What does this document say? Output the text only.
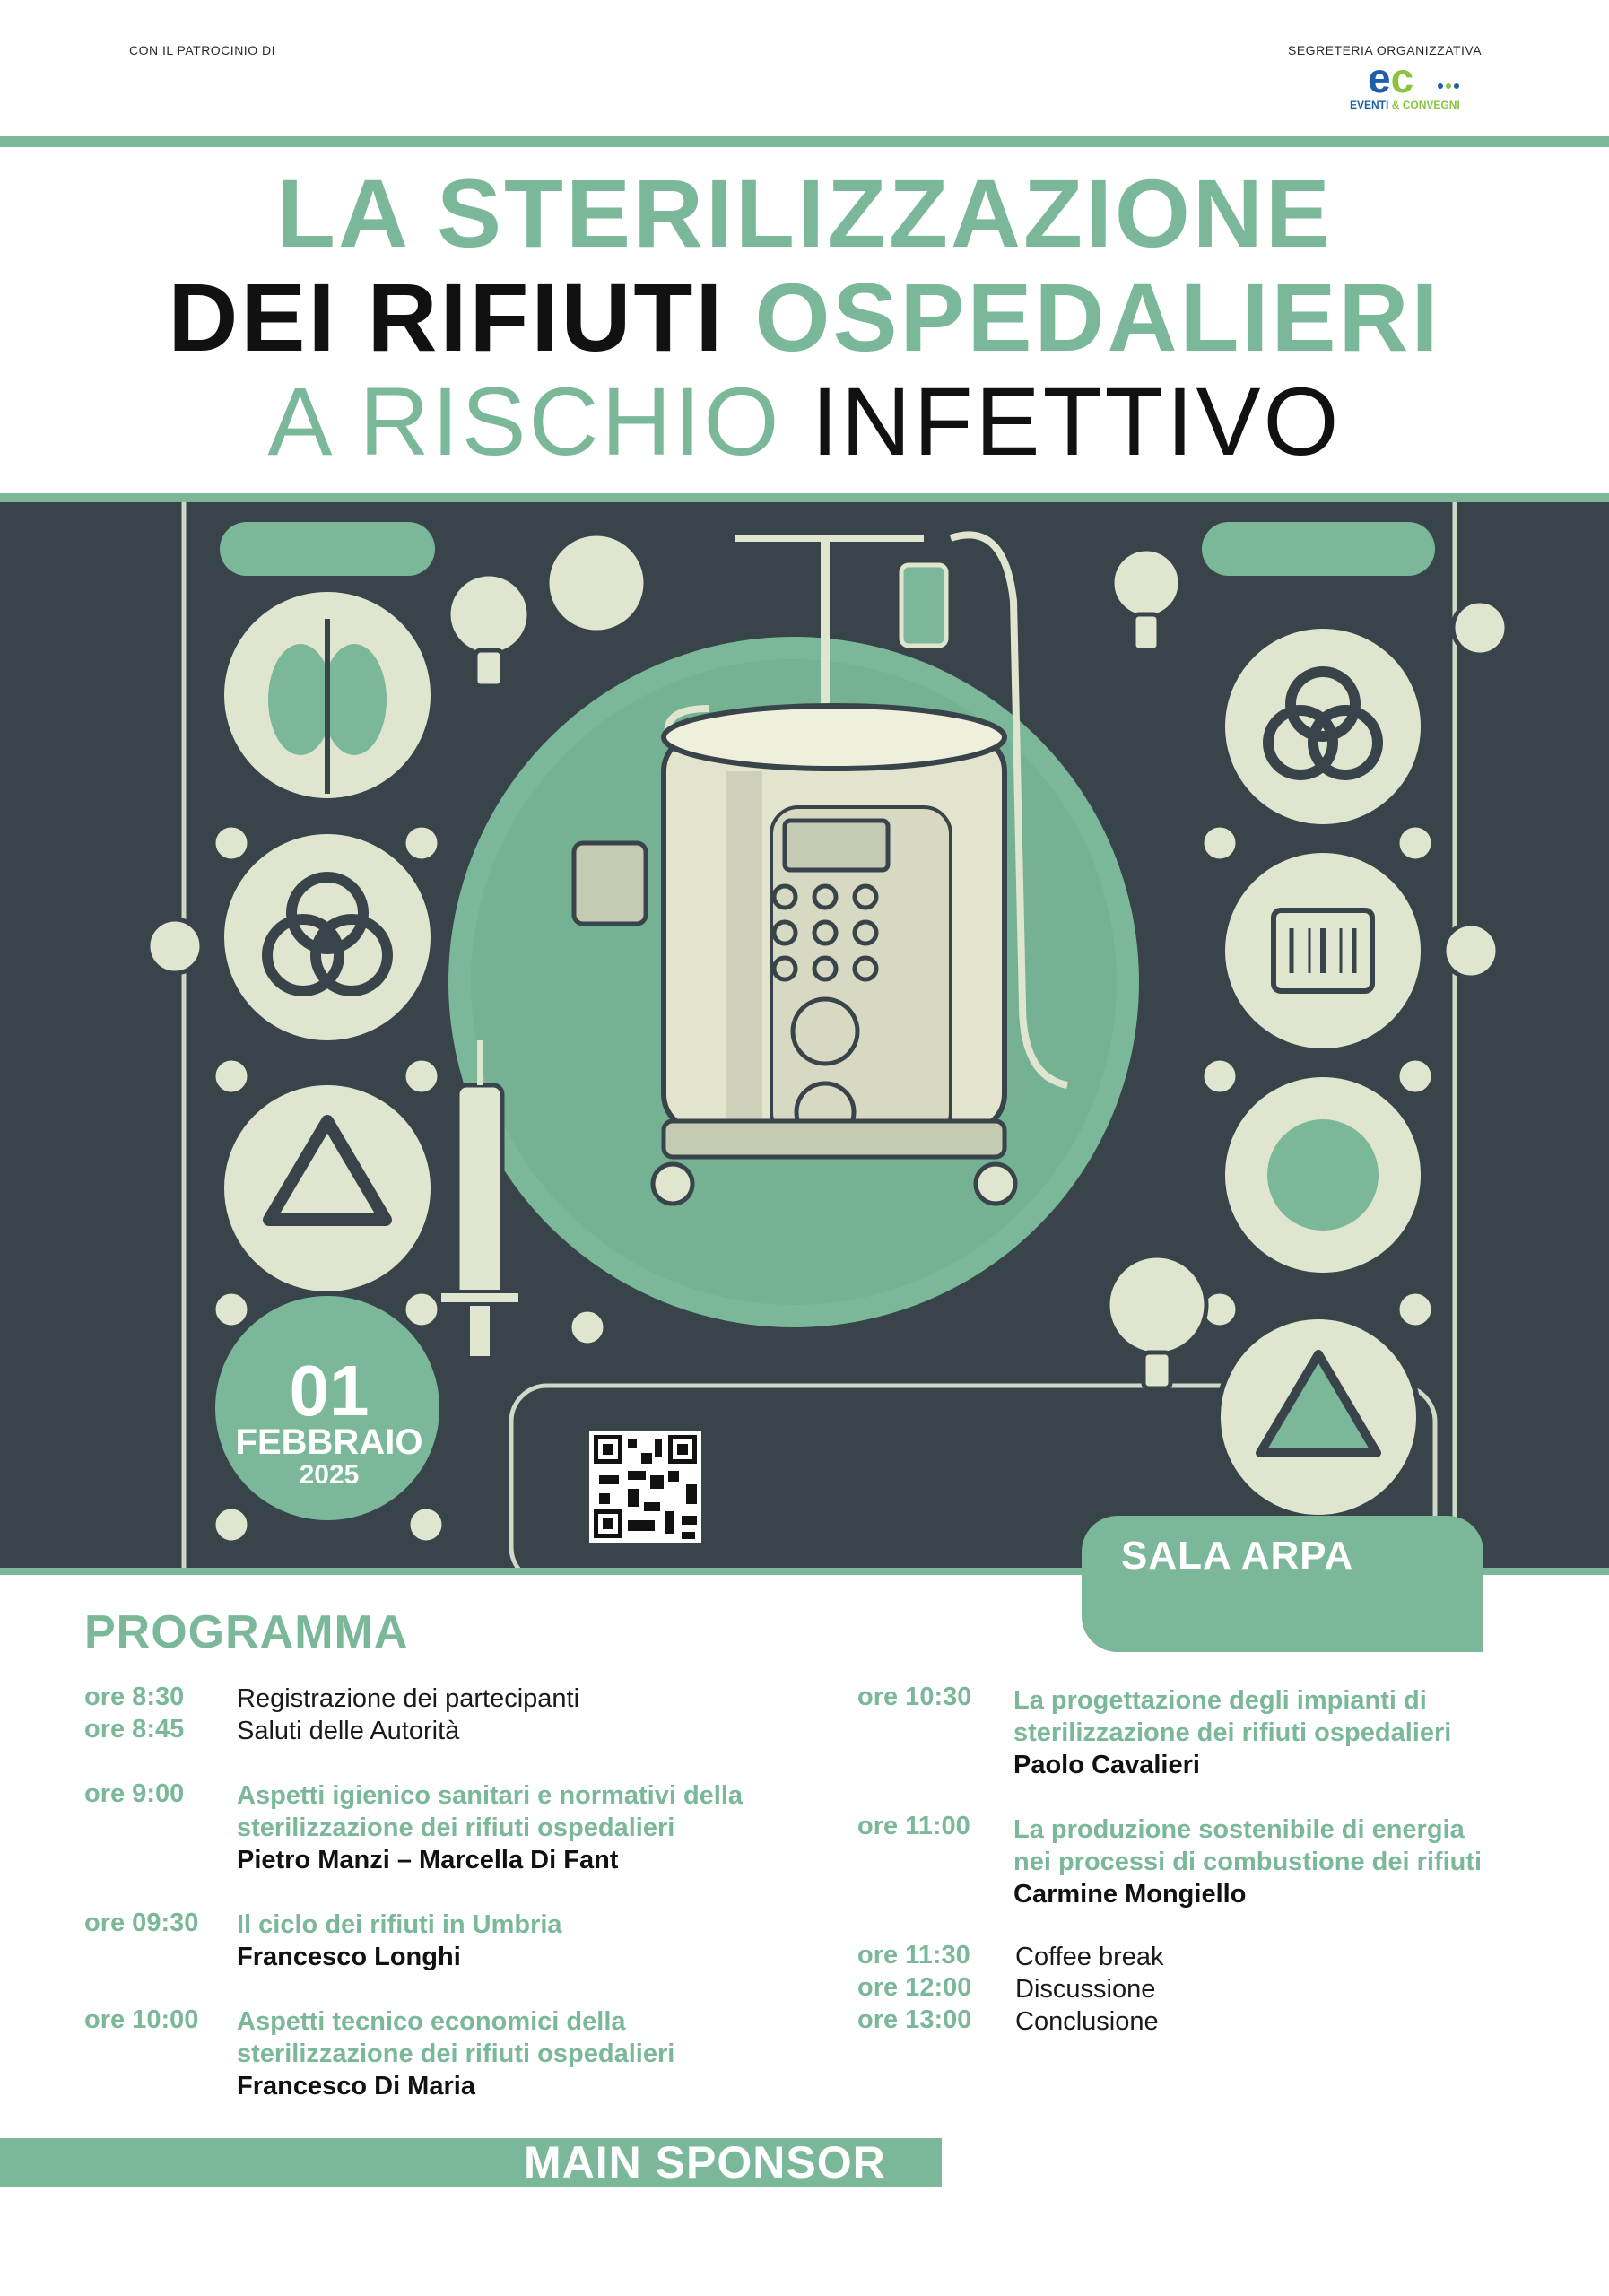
CON IL PATROCINIO DI	SEGRETERIA ORGANIZZATIVA
ec
EVENTI & CONVEGNI
LA STERILIZZAZIONE
DEI RIFIUTI OSPEDALIERI
A RISCHIO INFETTIVO
01
FEBBRAIO
2025
SALA ARPA
PROGRAMMA
ore 8:30 Registrazione dei partecipanti
ore 8:45 Saluti delle Autorità
ore 9:00 Aspetti igienico sanitari e normativi della
sterilizzazione dei rifiuti ospedalieri
Pietro Manzi – Marcella Di Fant
ore 09:30 Il ciclo dei rifiuti in Umbria
Francesco Longhi
ore 10:00 Aspetti tecnico economici della
sterilizzazione dei rifiuti ospedalieri
Francesco Di Maria
ore 10:30 La progettazione degli impianti di
sterilizzazione dei rifiuti ospedalieri
Paolo Cavalieri
ore 11:00 La produzione sostenibile di energia
nei processi di combustione dei rifiuti
Carmine Mongiello
ore 11:30 Coffee break
ore 12:00 Discussione
ore 13:00 Conclusione
MAIN SPONSOR
